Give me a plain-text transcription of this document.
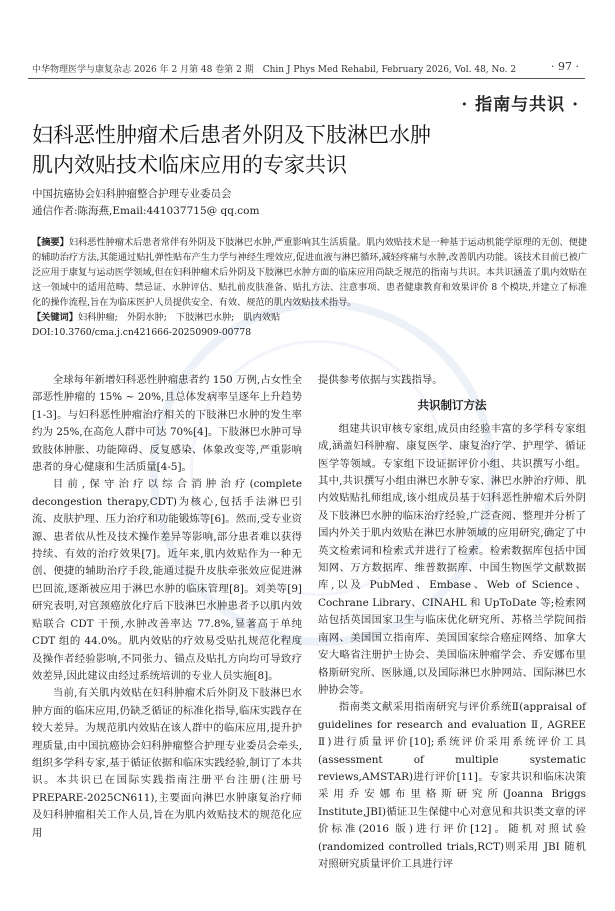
中华物理医学与康复杂志 2026 年 2 月第 48 卷第 2 期　Chin J Phys Med Rehabil, February 2026, Vol. 48, No. 2	· 97 ·
· 指南与共识 ·
妇科恶性肿瘤术后患者外阴及下肢淋巴水肿
肌内效贴技术临床应用的专家共识
中国抗癌协会妇科肿瘤整合护理专业委员会
通信作者:陈海燕,Email:441037715@ qq.com

【摘要】妇科恶性肿瘤术后患者常伴有外阴及下肢淋巴水肿,严重影响其生活质量。肌内效贴技术是一种基于运动机能学原理的无创、便捷的辅助治疗方法,其能通过贴扎弹性贴布产生力学与神经生理效应,促进血液与淋巴循环,减轻疼痛与水肿,改善肌内功能。该技术目前已被广泛应用于康复与运动医学领域,但在妇科肿瘤术后外阴及下肢淋巴水肿方面的临床应用尚缺乏规范的指南与共识。本共识涵盖了肌内效贴在这一领域中的适用范畴、禁忌证、水肿评估、贴扎前皮肤准备、贴扎方法、注意事项、患者健康教育和效果评价 8 个模块,并建立了标准化的操作流程,旨在为临床医护人员提供安全、有效、规范的肌内效贴技术指导。

【关键词】妇科肿瘤;　外阴水肿;　下肢淋巴水肿;　肌内效贴

DOI:10.3760/cma.j.cn421666-20250909-00778

全球每年新增妇科恶性肿瘤患者约 150 万例,占女性全部恶性肿瘤的 15% ~ 20%,且总体发病率呈逐年上升趋势[1-3]。与妇科恶性肿瘤治疗相关的下肢淋巴水肿的发生率约为 25%,在高危人群中可达 70%[4]。下肢淋巴水肿可导致肢体肿胀、功能障碍、反复感染、体象改变等,严重影响患者的身心健康和生活质量[4-5]。

目前,保守治疗以综合消肿治疗(complete decongestion therapy,CDT)为核心,包括手法淋巴引流、皮肤护理、压力治疗和功能锻炼等[6]。然而,受专业资源、患者依从性及技术操作差异等影响,部分患者难以获得持续、有效的治疗效果[7]。近年来,肌内效贴作为一种无创、便捷的辅助治疗手段,能通过提升皮肤牵张效应促进淋巴回流,逐渐被应用于淋巴水肿的临床管理[8]。刘美等[9]研究表明,对宫颈癌放化疗后下肢淋巴水肿患者予以肌内效贴联合 CDT 干预,水肿改善率达 77.8%,显著高于单纯 CDT 组的 44.0%。肌内效贴的疗效易受贴扎规范化程度及操作者经验影响,不同张力、锚点及贴扎方向均可导致疗效差异,因此建议由经过系统培训的专业人员实施[8]。

当前,有关肌内效贴在妇科肿瘤术后外阴及下肢淋巴水肿方面的临床应用,仍缺乏循证的标准化指导,临床实践存在较大差异。为规范肌内效贴在该人群中的临床应用,提升护理质量,由中国抗癌协会妇科肿瘤整合护理专业委员会牵头,组织多学科专家,基于循证依据和临床实践经验,制订了本共识。本共识已在国际实践指南注册平台注册(注册号 PREPARE-2025CN611),主要面向淋巴水肿康复治疗师及妇科肿瘤相关工作人员,旨在为肌内效贴技术的规范化应用

提供参考依据与实践指导。

共识制订方法

组建共识审核专家组,成员由经验丰富的多学科专家组成,涵盖妇科肿瘤、康复医学、康复治疗学、护理学、循证医学等领域。专家组下设证据评价小组、共识撰写小组。其中,共识撰写小组由淋巴水肿专家、淋巴水肿治疗师、肌内效贴贴扎师组成,该小组成员基于妇科恶性肿瘤术后外阴及下肢淋巴水肿的临床治疗经验,广泛查阅、整理并分析了国内外关于肌内效贴在淋巴水肿领域的应用研究,确定了中英文检索词和检索式并进行了检索。检索数据库包括中国知网、万方数据库、维普数据库、中国生物医学文献数据库,以及 PubMed、Embase、Web of Science、Cochrane Library、CINAHL 和 UpToDate 等;检索网站包括英国国家卫生与临床优化研究所、苏格兰学院间指南网、美国国立指南库、美国国家综合癌症网络、加拿大安大略省注册护士协会、美国临床肿瘤学会、乔安娜布里格斯研究所、医脉通,以及国际淋巴水肿网站、国际淋巴水肿协会等。

指南类文献采用指南研究与评价系统Ⅱ(appraisal of guidelines for research and evaluation Ⅱ, AGREE Ⅱ)进行质量评价[10];系统评价采用系统评价工具(assessment of multiple systematic reviews,AMSTAR)进行评价[11]。专家共识和临床决策采用乔安娜布里格斯研究所(Joanna Briggs Institute,JBI)循证卫生保健中心对意见和共识类文章的评价标准(2016 版)进行评价[12]。随机对照试验(randomized controlled trials,RCT)则采用 JBI 随机对照研究质量评价工具进行评
